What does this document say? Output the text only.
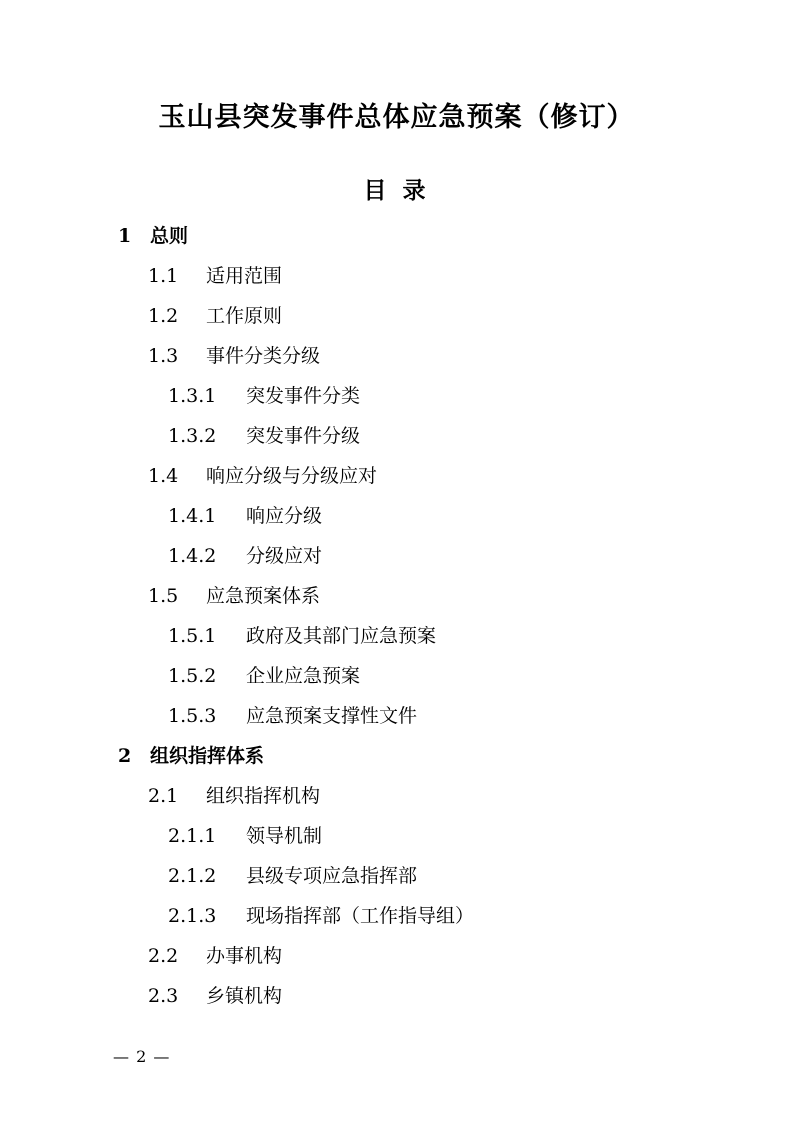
玉山县突发事件总体应急预案（修订）
目 录
1 总则
1.1 适用范围
1.2 工作原则
1.3 事件分类分级
1.3.1 突发事件分类
1.3.2 突发事件分级
1.4 响应分级与分级应对
1.4.1 响应分级
1.4.2 分级应对
1.5 应急预案体系
1.5.1 政府及其部门应急预案
1.5.2 企业应急预案
1.5.3 应急预案支撑性文件
2 组织指挥体系
2.1 组织指挥机构
2.1.1 领导机制
2.1.2 县级专项应急指挥部
2.1.3 现场指挥部（工作指导组）
2.2 办事机构
2.3 乡镇机构
— 2 —
